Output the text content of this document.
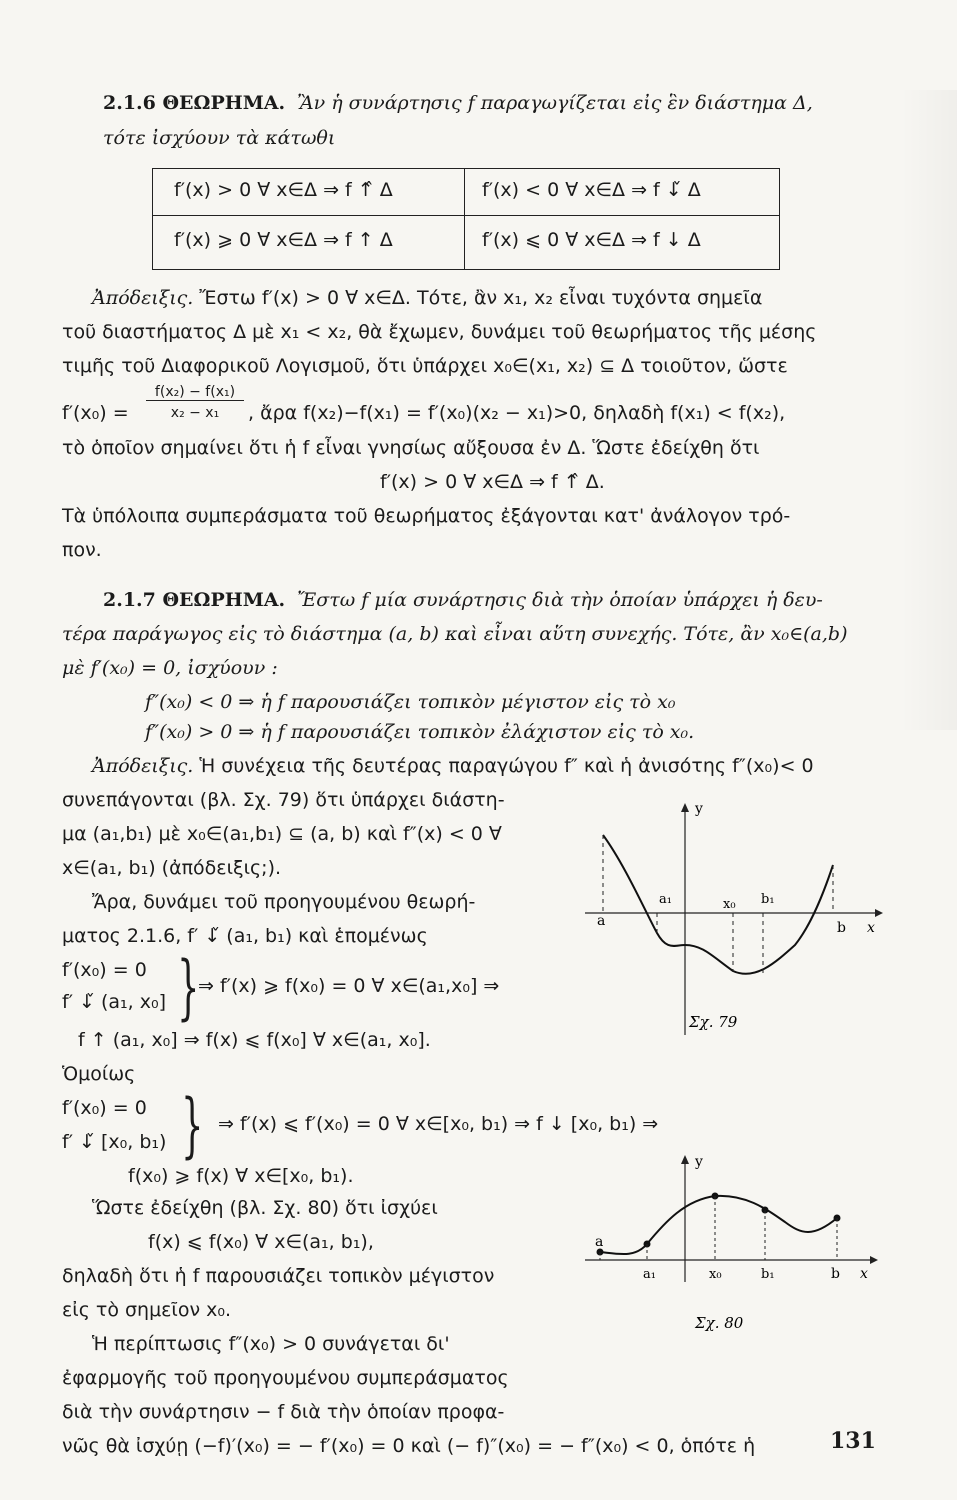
2.1.6 ΘΕΩΡΗΜΑ. Ἂν ἡ συνάρτησις f παραγωγίζεται εἰς ἓν διάστημα Δ,
τότε ἰσχύουν τὰ κάτωθι
f′(x) > 0 ∀ x∈Δ ⇒ f ↑̂ Δ	f′(x) < 0 ∀ x∈Δ ⇒ f ↓̌ Δ
f′(x) ⩾ 0 ∀ x∈Δ ⇒ f ↑ Δ	f′(x) ⩽ 0 ∀ x∈Δ ⇒ f ↓ Δ
Ἀπόδειξις. Ἔστω f′(x) > 0 ∀ x∈Δ. Τότε, ἂν x₁, x₂ εἶναι τυχόντα σημεῖα
τοῦ διαστήματος Δ μὲ x₁ < x₂, θὰ ἔχωμεν, δυνάμει τοῦ θεωρήματος τῆς μέσης
τιμῆς τοῦ Διαφορικοῦ Λογισμοῦ, ὅτι ὑπάρχει x₀∈(x₁, x₂) ⊆ Δ τοιοῦτον, ὥστε
f′(x₀) =
f(x₂) − f(x₁)
x₂ − x₁	, ἄρα f(x₂)−f(x₁) = f′(x₀)(x₂ − x₁)>0, δηλαδὴ f(x₁) < f(x₂),
τὸ ὁποῖον σημαίνει ὅτι ἡ f εἶναι γνησίως αὔξουσα ἐν Δ. Ὥστε ἐδείχθη ὅτι
f′(x) > 0 ∀ x∈Δ ⇒ f ↑̂ Δ.
Τὰ ὑπόλοιπα συμπεράσματα τοῦ θεωρήματος ἐξάγονται κατ' ἀνάλογον τρό-
πον.
2.1.7 ΘΕΩΡΗΜΑ. Ἔστω f μία συνάρτησις διὰ τὴν ὁποίαν ὑπάρχει ἡ δευ-
τέρα παράγωγος εἰς τὸ διάστημα (a, b) καὶ εἶναι αὕτη συνεχής. Τότε, ἂν x₀∈(a,b)
μὲ f′(x₀) = 0, ἰσχύουν :
f″(x₀) < 0 ⇒ ἡ f παρουσιάζει τοπικὸν μέγιστον εἰς τὸ x₀
f″(x₀) > 0 ⇒ ἡ f παρουσιάζει τοπικὸν ἐλάχιστον εἰς τὸ x₀.
Ἀπόδειξις. Ἡ συνέχεια τῆς δευτέρας παραγώγου f″ καὶ ἡ ἀνισότης f″(x₀)< 0
συνεπάγονται (βλ. Σχ. 79) ὅτι ὑπάρχει διάστη-
μα (a₁,b₁) μὲ x₀∈(a₁,b₁) ⊆ (a, b) καὶ f″(x) < 0 ∀
x∈(a₁, b₁) (ἀπόδειξις;).
Ἄρα, δυνάμει τοῦ προηγουμένου θεωρή-
ματος 2.1.6, f′ ↓̌ (a₁, b₁) καὶ ἑπομένως
f′(x₀) = 0
f′ ↓̌ (a₁, x₀] }
⇒ f′(x) ⩾ f(x₀) = 0 ∀ x∈(a₁,x₀] ⇒
f ↑ (a₁, x₀] ⇒ f(x) ⩽ f(x₀] ∀ x∈(a₁, x₀].
Ὁμοίως
f′(x₀) = 0
f′ ↓̌ [x₀, b₁) } ⇒ f′(x) ⩽ f′(x₀) = 0 ∀ x∈[x₀, b₁) ⇒ f ↓ [x₀, b₁) ⇒
f(x₀) ⩾ f(x) ∀ x∈[x₀, b₁).
Ὥστε ἐδείχθη (βλ. Σχ. 80) ὅτι ἰσχύει
f(x) ⩽ f(x₀) ∀ x∈(a₁, b₁),
δηλαδὴ ὅτι ἡ f παρουσιάζει τοπικὸν μέγιστον
εἰς τὸ σημεῖον x₀.
Ἡ περίπτωσις f″(x₀) > 0 συνάγεται δι'
ἐφαρμογῆς τοῦ προηγουμένου συμπεράσματος
διὰ τὴν συνάρτησιν − f διὰ τὴν ὁποίαν προφα-
νῶς θὰ ἰσχύῃ (−f)′(x₀) = − f′(x₀) = 0 καὶ (− f)″(x₀) = − f″(x₀) < 0, ὁπότε ἡ
y
x
a
a₁	x₀ b₁
b
Σχ. 79
y
x
a
a₁	x₀	b₁	b
Σχ. 80
131
